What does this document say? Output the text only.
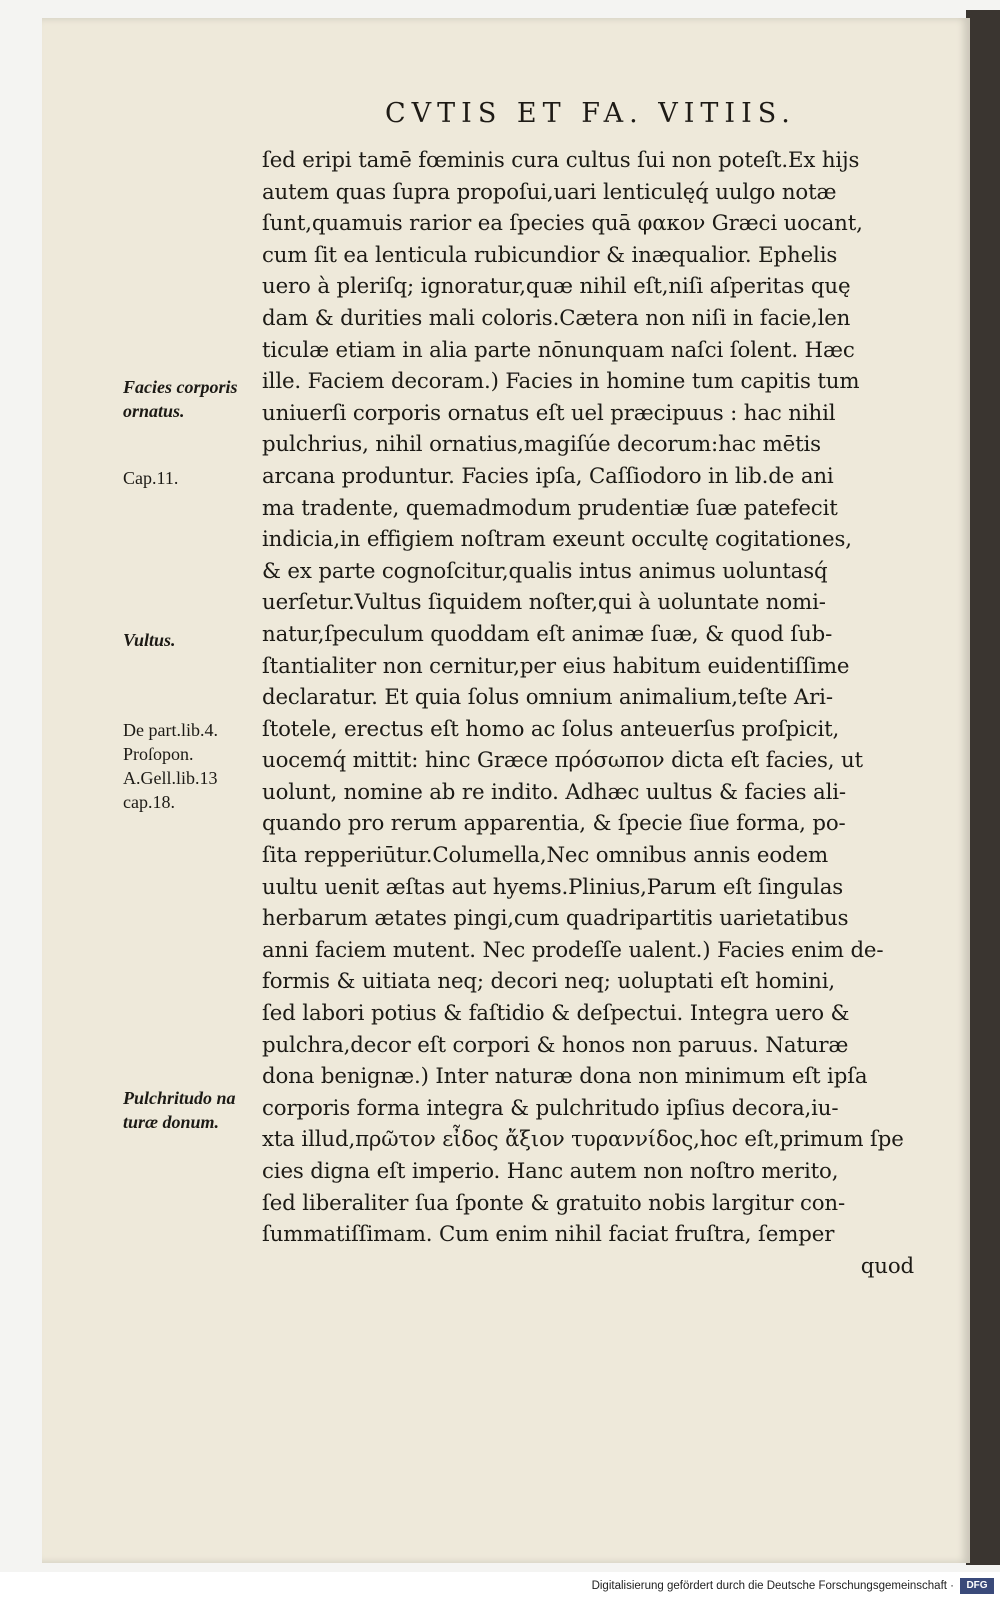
CVTIS ET FA. VITIIS.
ſed eripi tamē fœminis cura cultus ſui non poteſt.Ex hijs
autem quas ſupra propoſui,uari lenticulęq́ uulgo notæ
ſunt,quamuis rarior ea ſpecies quā φακον Græci uocant,
cum ſit ea lenticula rubicundior & inæqualior. Ephelis
uero à pleriſq; ignoratur,quæ nihil eſt,niſi aſperitas quę
dam & durities mali coloris.Cætera non niſi in facie,len
ticulæ etiam in alia parte nōnunquam naſci ſolent. Hæc
ille. Faciem decoram.) Facies in homine tum capitis tum
uniuerſi corporis ornatus eſt uel præcipuus : hac nihil
pulchrius, nihil ornatius,magiſúe decorum:hac mētis
arcana produntur. Facies ipſa, Caſſiodoro in lib.de ani
ma tradente, quemadmodum prudentiæ ſuæ patefecit
indicia,in effigiem noſtram exeunt occultę cogitationes,
& ex parte cognoſcitur,qualis intus animus uoluntasq́
uerſetur.Vultus ſiquidem noſter,qui à uoluntate nomi-
natur,ſpeculum quoddam eſt animæ ſuæ, & quod ſub-
ſtantialiter non cernitur,per eius habitum euidentiſſime
declaratur. Et quia ſolus omnium animalium,teſte Ari-
ſtotele, erectus eſt homo ac ſolus anteuerſus proſpicit,
uocemq́ mittit: hinc Græce πρόσωπον dicta eſt facies, ut
uolunt, nomine ab re indito. Adhæc uultus & facies ali-
quando pro rerum apparentia, & ſpecie ſiue forma, po-
ſita repperiūtur.Columella,Nec omnibus annis eodem
uultu uenit æſtas aut hyems.Plinius,Parum eſt ſingulas
herbarum ætates pingi,cum quadripartitis uarietatibus
anni faciem mutent. Nec prodeſſe ualent.) Facies enim de-
formis & uitiata neq; decori neq; uoluptati eſt homini,
ſed labori potius & faſtidio & deſpectui. Integra uero &
pulchra,decor eſt corpori & honos non paruus. Naturæ
dona benignæ.) Inter naturæ dona non minimum eſt ipſa
corporis forma integra & pulchritudo ipſius decora,iu-
xta illud,πρῶτον εἶδος ἄξιον τυραννίδος,hoc eſt,primum ſpe
cies digna eſt imperio. Hanc autem non noſtro merito,
ſed liberaliter ſua ſponte & gratuito nobis largitur con-
ſummatiſſimam. Cum enim nihil faciat fruſtra, ſemper
quod
Facies corporis
ornatus.
Cap.11.
Vultus.
De part.lib.4.
Proſopon.
A.Gell.lib.13
cap.18.
Pulchritudo na
turæ donum.
Digitalisierung gefördert durch die Deutsche Forschungsgemeinschaft ·	DFG
